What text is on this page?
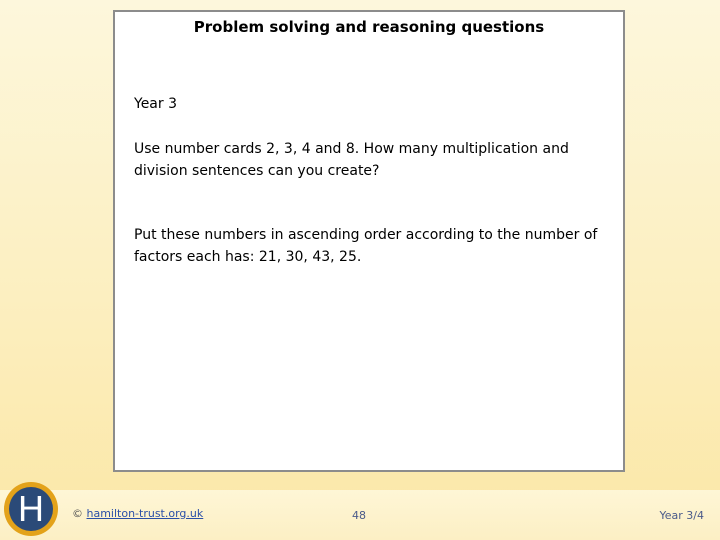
Problem solving and reasoning questions

Year 3

Use number cards 2, 3, 4 and 8. How many multiplication and division sentences can you create?

Put these numbers in ascending order according to the number of factors each has: 21, 30, 43, 25.

H	© hamilton-trust.org.uk	48	Year 3/4
